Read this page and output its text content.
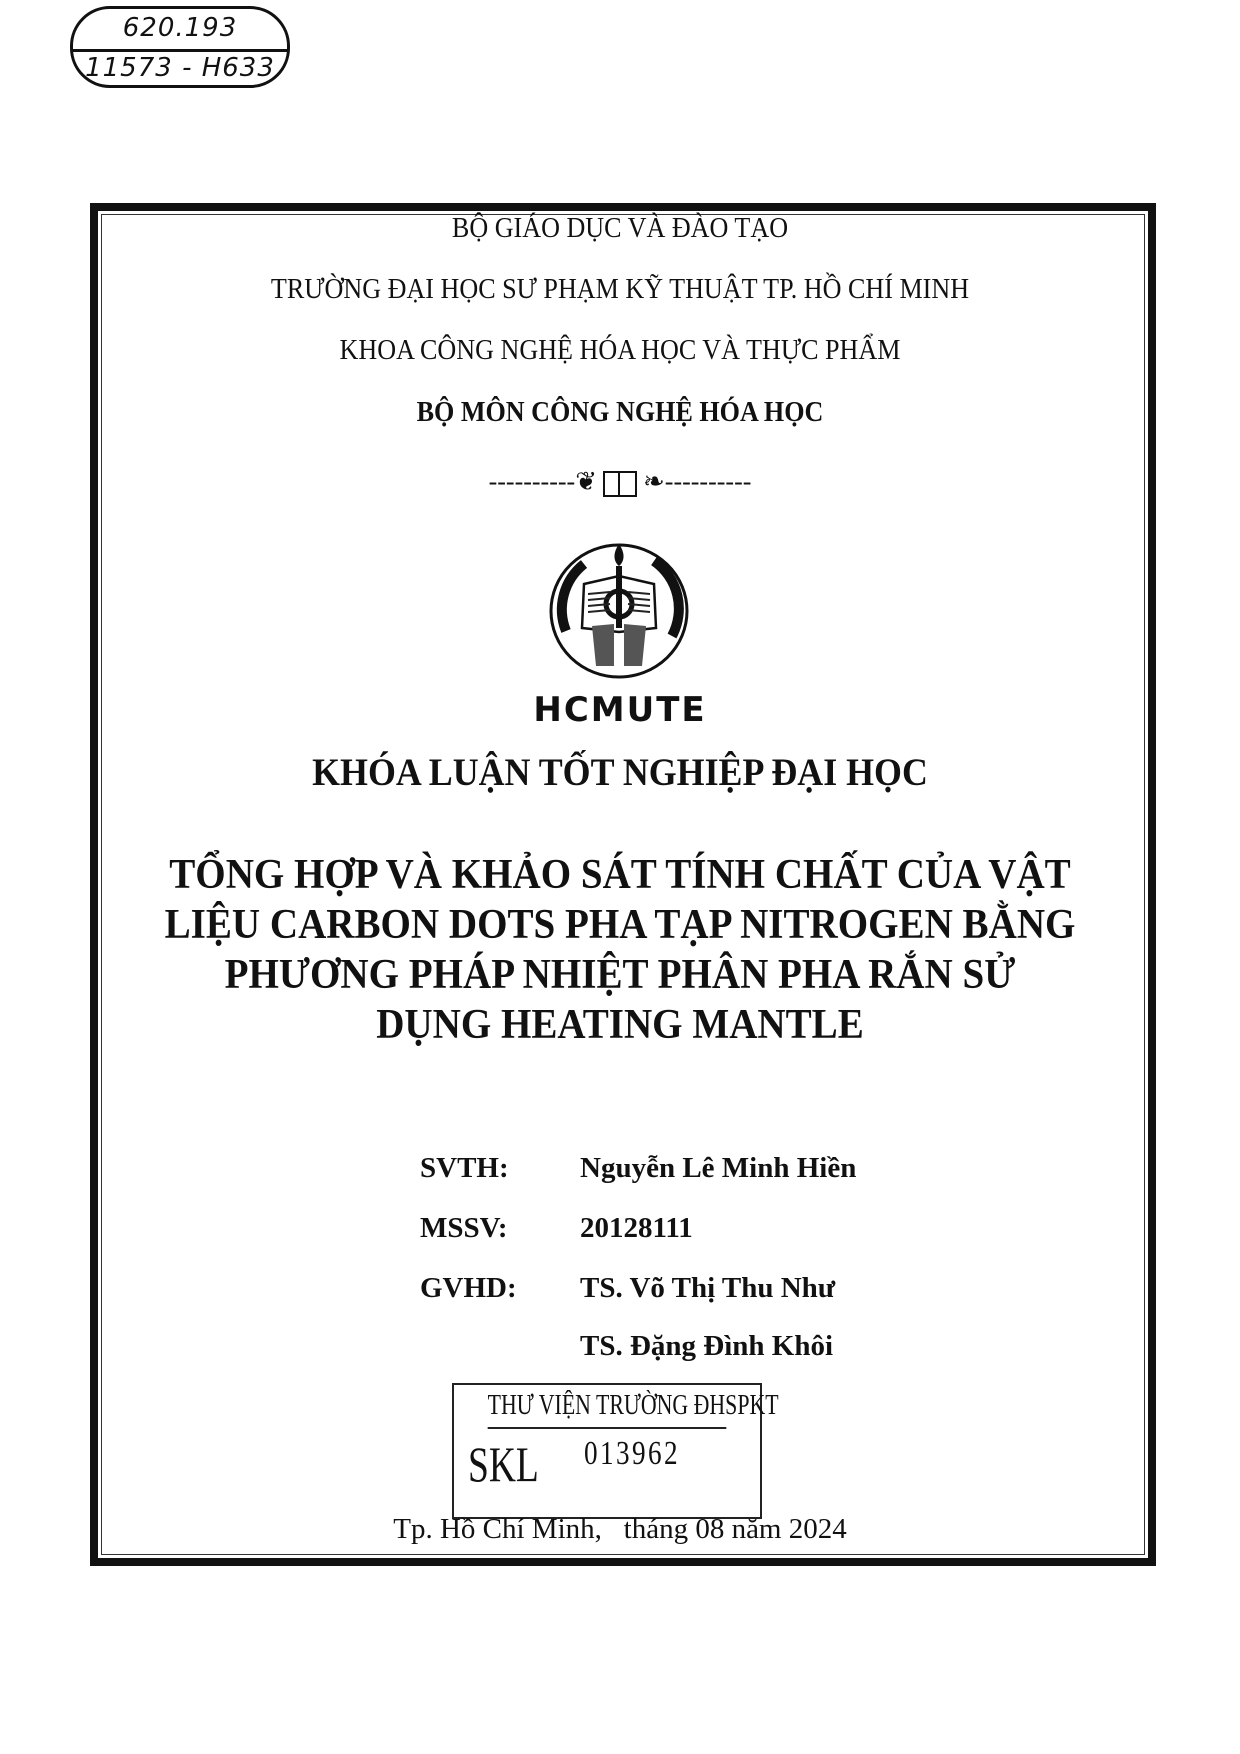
620.193
11573 - H633
BỘ GIÁO DỤC VÀ ĐÀO TẠO
TRƯỜNG ĐẠI HỌC SƯ PHẠM KỸ THUẬT TP. HỒ CHÍ MINH
KHOA CÔNG NGHỆ HÓA HỌC VÀ THỰC PHẨM
BỘ MÔN CÔNG NGHỆ HÓA HỌC
----------❦ ❧----------
HCMUTE
KHÓA LUẬN TỐT NGHIỆP ĐẠI HỌC
TỔNG HỢP VÀ KHẢO SÁT TÍNH CHẤT CỦA VẬT
LIỆU CARBON DOTS PHA TẠP NITROGEN BẰNG
PHƯƠNG PHÁP NHIỆT PHÂN PHA RẮN SỬ
DỤNG HEATING MANTLE
SVTH: Nguyễn Lê Minh Hiền
MSSV: 20128111
GVHD: TS. Võ Thị Thu Như
TS. Đặng Đình Khôi
THƯ VIỆN TRƯỜNG ĐHSPKT
SKL 013962
Tp. Hồ Chí Minh,   tháng 08 năm 2024
